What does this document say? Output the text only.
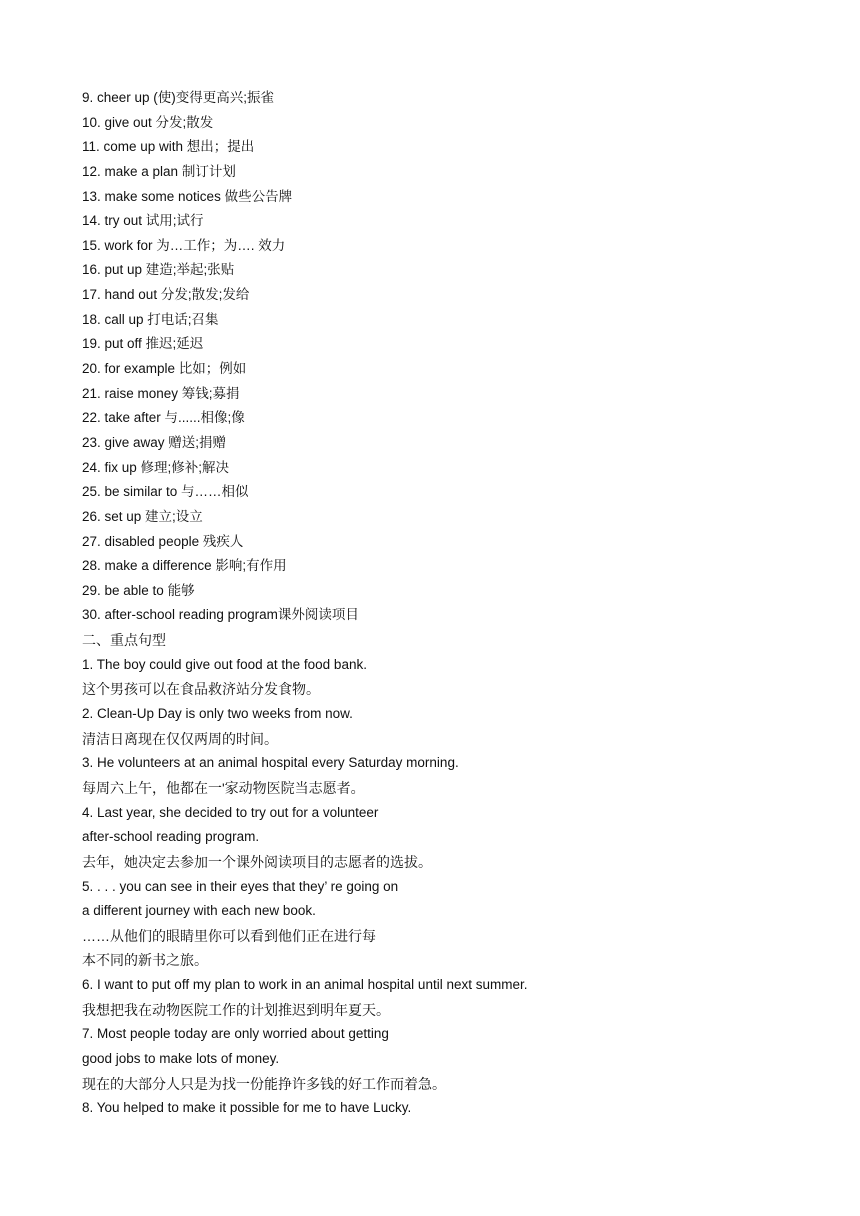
9. cheer up (使)变得更高兴;振雀
10. give out 分发;散发
11. come up with 想出；提出
12. make a plan 制订计划
13. make some notices 做些公告牌
14. try out 试用;试行
15. work for 为…工作；为…. 效力
16. put up 建造;举起;张贴
17. hand out 分发;散发;发给
18. call up 打电话;召集
19. put off 推迟;延迟
20. for example 比如；例如
21. raise money 筹钱;募捐
22. take after 与......相像;像
23. give away 赠送;捐赠
24. fix up 修理;修补;解决
25. be similar to 与……相似
26. set up 建立;设立
27. disabled people 残疾人
28. make a difference 影响;有作用
29. be able to 能够
30. after-school reading program课外阅读项目
二、重点句型
1. The boy could give out food at the food bank.
这个男孩可以在食品救济站分发食物。
2. Clean-Up Day is only two weeks from now.
清洁日离现在仅仅两周的时间。
3. He volunteers at an animal hospital every Saturday morning.
每周六上午，他都在一'家动物医院当志愿者。
4. Last year, she decided to try out for a volunteer
after-school reading program.
去年，她决定去参加一个课外阅读项目的志愿者的选拔。
5. . . . you can see in their eyes that they’ re going on
a different journey with each new book.
……从他们的眼睛里你可以看到他们正在进行每
本不同的新书之旅。
6. I want to put off my plan to work in an animal hospital until next summer.
我想把我在动物医院工作的计划推迟到明年夏天。
7. Most people today are only worried about getting
good jobs to make lots of money.
现在的大部分人只是为找一份能挣许多钱的好工作而着急。
8. You helped to make it possible for me to have Lucky.
